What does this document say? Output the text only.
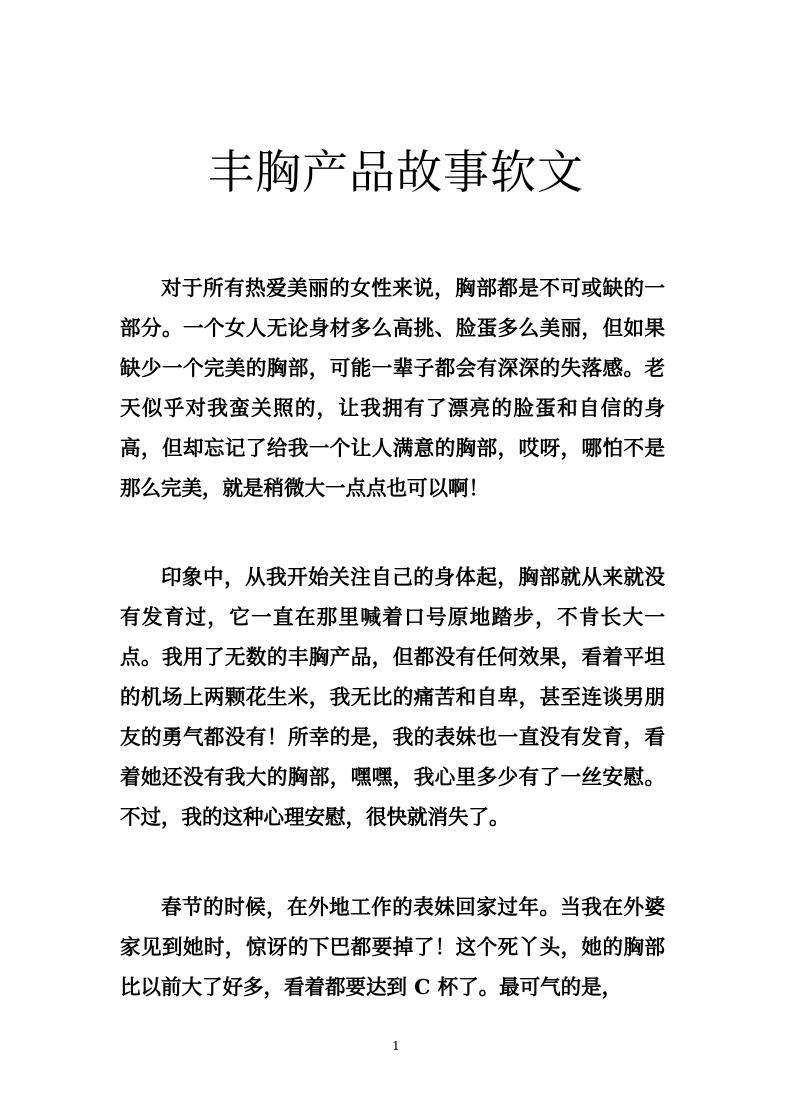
丰胸产品故事软文

对于所有热爱美丽的女性来说，胸部都是不可或缺的一部分。一个女人无论身材多么高挑、脸蛋多么美丽，但如果缺少一个完美的胸部，可能一辈子都会有深深的失落感。老天似乎对我蛮关照的，让我拥有了漂亮的脸蛋和自信的身高，但却忘记了给我一个让人满意的胸部，哎呀，哪怕不是那么完美，就是稍微大一点点也可以啊！

印象中，从我开始关注自己的身体起，胸部就从来就没有发育过，它一直在那里喊着口号原地踏步，不肯长大一点。我用了无数的丰胸产品，但都没有任何效果，看着平坦的机场上两颗花生米，我无比的痛苦和自卑，甚至连谈男朋友的勇气都没有！所幸的是，我的表妹也一直没有发育，看着她还没有我大的胸部，嘿嘿，我心里多少有了一丝安慰。不过，我的这种心理安慰，很快就消失了。

春节的时候，在外地工作的表妹回家过年。当我在外婆家见到她时，惊讶的下巴都要掉了！这个死丫头，她的胸部比以前大了好多，看着都要达到 C 杯了。最可气的是，

1
